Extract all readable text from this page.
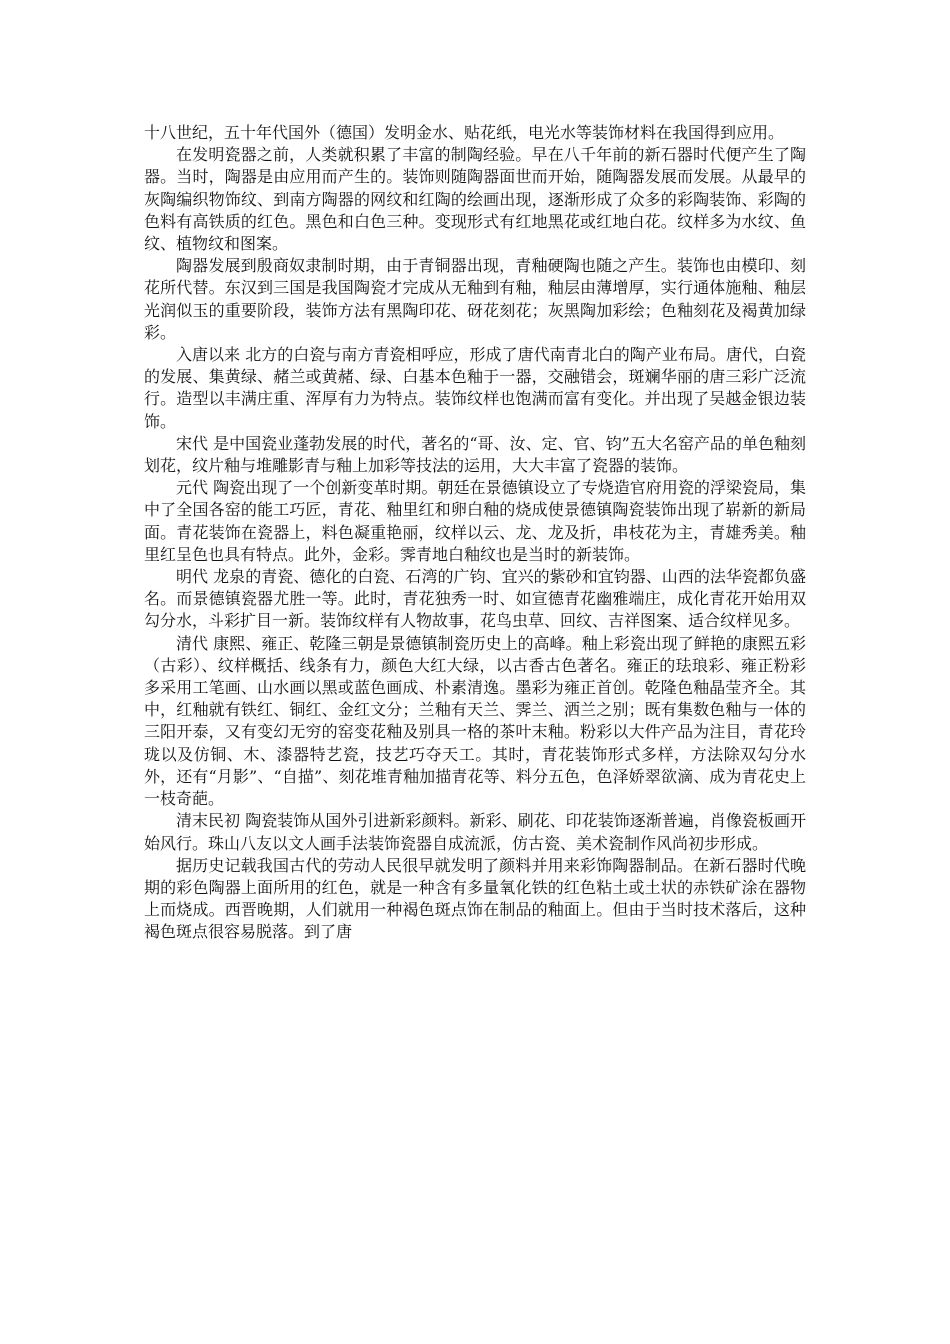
十八世纪，五十年代国外（德国）发明金水、贴花纸，电光水等装饰材料在我国得到应用。

在发明瓷器之前，人类就积累了丰富的制陶经验。早在八千年前的新石器时代便产生了陶器。当时，陶器是由应用而产生的。装饰则随陶器面世而开始，随陶器发展而发展。从最早的灰陶编织物饰纹、到南方陶器的网纹和红陶的绘画出现，逐渐形成了众多的彩陶装饰、彩陶的色料有高铁质的红色。黑色和白色三种。变现形式有红地黑花或红地白花。纹样多为水纹、鱼纹、植物纹和图案。

陶器发展到殷商奴隶制时期，由于青铜器出现，青釉硬陶也随之产生。装饰也由模印、刻花所代替。东汉到三国是我国陶瓷才完成从无釉到有釉，釉层由薄增厚，实行通体施釉、釉层光润似玉的重要阶段，装饰方法有黑陶印花、砑花刻花；灰黑陶加彩绘；色釉刻花及褐黄加绿彩。

入唐以来 北方的白瓷与南方青瓷相呼应，形成了唐代南青北白的陶产业布局。唐代，白瓷的发展、集黄绿、赭兰或黄赭、绿、白基本色釉于一器，交融错会，斑斓华丽的唐三彩广泛流行。造型以丰满庄重、浑厚有力为特点。装饰纹样也饱满而富有变化。并出现了吴越金银边装饰。

宋代 是中国瓷业蓬勃发展的时代，著名的“哥、汝、定、官、钧”五大名窑产品的单色釉刻划花，纹片釉与堆雕影青与釉上加彩等技法的运用，大大丰富了瓷器的装饰。

元代 陶瓷出现了一个创新变革时期。朝廷在景德镇设立了专烧造官府用瓷的浮梁瓷局，集中了全国各窑的能工巧匠，青花、釉里红和卵白釉的烧成使景德镇陶瓷装饰出现了崭新的新局面。青花装饰在瓷器上，料色凝重艳丽，纹样以云、龙、龙及折，串枝花为主，青雄秀美。釉里红呈色也具有特点。此外，金彩。霁青地白釉纹也是当时的新装饰。

明代 龙泉的青瓷、德化的白瓷、石湾的广钧、宜兴的紫砂和宜钧器、山西的法华瓷都负盛名。而景德镇瓷器尤胜一等。此时，青花独秀一时、如宣德青花幽雅端庄，成化青花开始用双勾分水，斗彩扩目一新。装饰纹样有人物故事，花鸟虫草、回纹、吉祥图案、适合纹样见多。

清代 康熙、雍正、乾隆三朝是景德镇制瓷历史上的高峰。釉上彩瓷出现了鲜艳的康熙五彩（古彩）、纹样概括、线条有力，颜色大红大绿，以古香古色著名。雍正的珐琅彩、雍正粉彩多采用工笔画、山水画以黑或蓝色画成、朴素清逸。墨彩为雍正首创。乾隆色釉晶莹齐全。其中，红釉就有铁红、铜红、金红文分；兰釉有天兰、霁兰、洒兰之别；既有集数色釉与一体的三阳开泰，又有变幻无穷的窑变花釉及别具一格的茶叶末釉。粉彩以大件产品为注目，青花玲珑以及仿铜、木、漆器特艺瓷，技艺巧夺天工。其时，青花装饰形式多样，方法除双勾分水外，还有“月影”、“自描”、刻花堆青釉加描青花等、料分五色，色泽娇翠欲滴、成为青花史上一枝奇葩。

清末民初 陶瓷装饰从国外引进新彩颜料。新彩、刷花、印花装饰逐渐普遍，肖像瓷板画开始风行。珠山八友以文人画手法装饰瓷器自成流派，仿古瓷、美术瓷制作风尚初步形成。

据历史记载我国古代的劳动人民很早就发明了颜料并用来彩饰陶器制品。在新石器时代晚期的彩色陶器上面所用的红色，就是一种含有多量氧化铁的红色粘土或土状的赤铁矿涂在器物上而烧成。西晋晚期，人们就用一种褐色斑点饰在制品的釉面上。但由于当时技术落后，这种褐色斑点很容易脱落。到了唐
